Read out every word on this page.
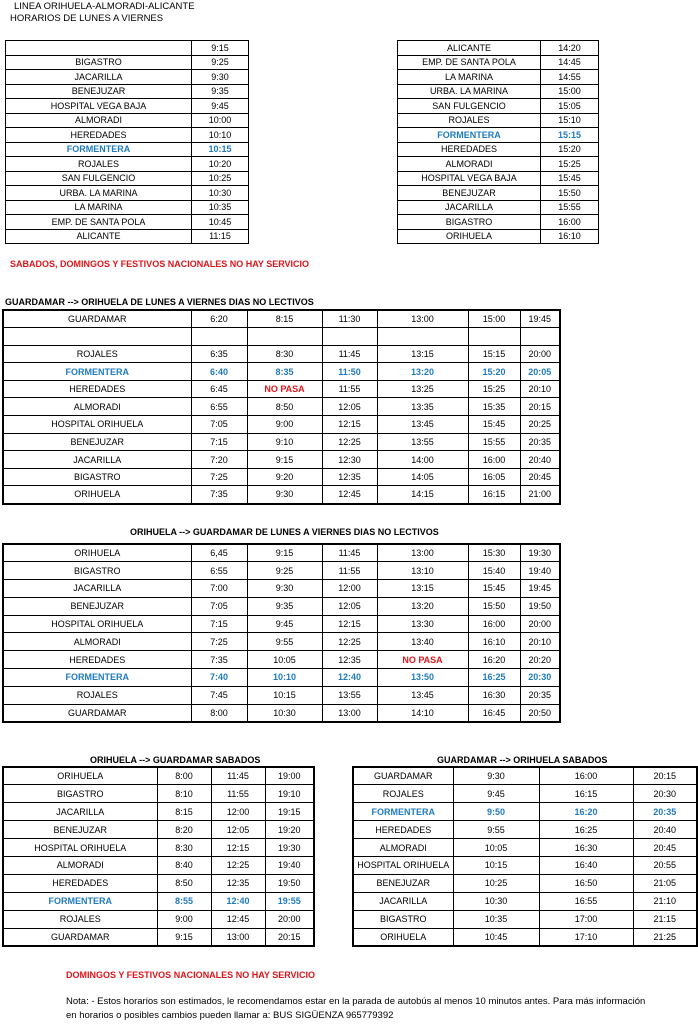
LINEA ORIHUELA-ALMORADI-ALICANTE
HORARIOS DE LUNES A VIERNES
	9:15
BIGASTRO	9:25
JACARILLA	9:30
BENEJUZAR	9:35
HOSPITAL VEGA BAJA	9:45
ALMORADI	10:00
HEREDADES	10:10
FORMENTERA	10:15
ROJALES	10:20
SAN FULGENCIO	10:25
URBA. LA MARINA	10:30
LA MARINA	10:35
EMP. DE SANTA POLA	10:45
ALICANTE	11:15
ALICANTE	14:20
EMP. DE SANTA POLA	14:45
LA MARINA	14:55
URBA. LA MARINA	15:00
SAN FULGENCIO	15:05
ROJALES	15:10
FORMENTERA	15:15
HEREDADES	15:20
ALMORADI	15:25
HOSPITAL VEGA BAJA	15:45
BENEJUZAR	15:50
JACARILLA	15:55
BIGASTRO	16:00
ORIHUELA	16:10
SABADOS, DOMINGOS Y FESTIVOS NACIONALES NO HAY SERVICIO
GUARDAMAR --> ORIHUELA DE LUNES A VIERNES DIAS NO LECTIVOS
GUARDAMAR	6:20	8:15	11:30	13:00	15:00	19:45

ROJALES	6:35	8:30	11:45	13:15	15:15	20:00
FORMENTERA	6:40	8:35	11:50	13:20	15:20	20:05
HEREDADES	6:45	NO PASA	11:55	13:25	15:25	20:10
ALMORADI	6:55	8:50	12:05	13:35	15:35	20:15
HOSPITAL ORIHUELA	7:05	9:00	12:15	13:45	15:45	20:25
BENEJUZAR	7:15	9:10	12:25	13:55	15:55	20:35
JACARILLA	7:20	9:15	12:30	14:00	16:00	20:40
BIGASTRO	7:25	9:20	12:35	14:05	16:05	20:45
ORIHUELA	7:35	9:30	12:45	14:15	16:15	21:00
ORIHUELA --> GUARDAMAR DE LUNES A VIERNES DIAS NO LECTIVOS
ORIHUELA	6,45	9:15	11:45	13:00	15:30	19:30
BIGASTRO	6:55	9:25	11:55	13:10	15:40	19:40
JACARILLA	7:00	9:30	12:00	13:15	15:45	19:45
BENEJUZAR	7:05	9:35	12:05	13:20	15:50	19:50
HOSPITAL ORIHUELA	7:15	9:45	12:15	13:30	16:00	20:00
ALMORADI	7:25	9:55	12:25	13:40	16:10	20:10
HEREDADES	7:35	10:05	12:35	NO PASA	16:20	20:20
FORMENTERA	7:40	10:10	12:40	13:50	16:25	20:30
ROJALES	7:45	10:15	13:55	13:45	16:30	20:35
GUARDAMAR	8:00	10:30	13:00	14:10	16:45	20:50
ORIHUELA --> GUARDAMAR SABADOS
ORIHUELA	8:00	11:45	19:00
BIGASTRO	8:10	11:55	19:10
JACARILLA	8:15	12:00	19:15
BENEJUZAR	8:20	12:05	19:20
HOSPITAL ORIHUELA	8:30	12:15	19:30
ALMORADI	8:40	12:25	19:40
HEREDADES	8:50	12:35	19:50
FORMENTERA	8:55	12:40	19:55
ROJALES	9:00	12:45	20:00
GUARDAMAR	9:15	13:00	20:15
GUARDAMAR --> ORIHUELA SABADOS
GUARDAMAR	9:30	16:00	20:15
ROJALES	9:45	16:15	20:30
FORMENTERA	9:50	16:20	20:35
HEREDADES	9:55	16:25	20:40
ALMORADI	10:05	16:30	20:45
HOSPITAL ORIHUELA	10:15	16:40	20:55
BENEJUZAR	10:25	16:50	21:05
JACARILLA	10:30	16:55	21:10
BIGASTRO	10:35	17:00	21:15
ORIHUELA	10:45	17:10	21:25
DOMINGOS Y FESTIVOS NACIONALES NO HAY SERVICIO
Nota: - Estos horarios son estimados, le recomendamos estar en la parada de autobús al menos 10 minutos antes. Para más información
en horarios o posibles cambios pueden llamar a: BUS SIGÜENZA 965779392
